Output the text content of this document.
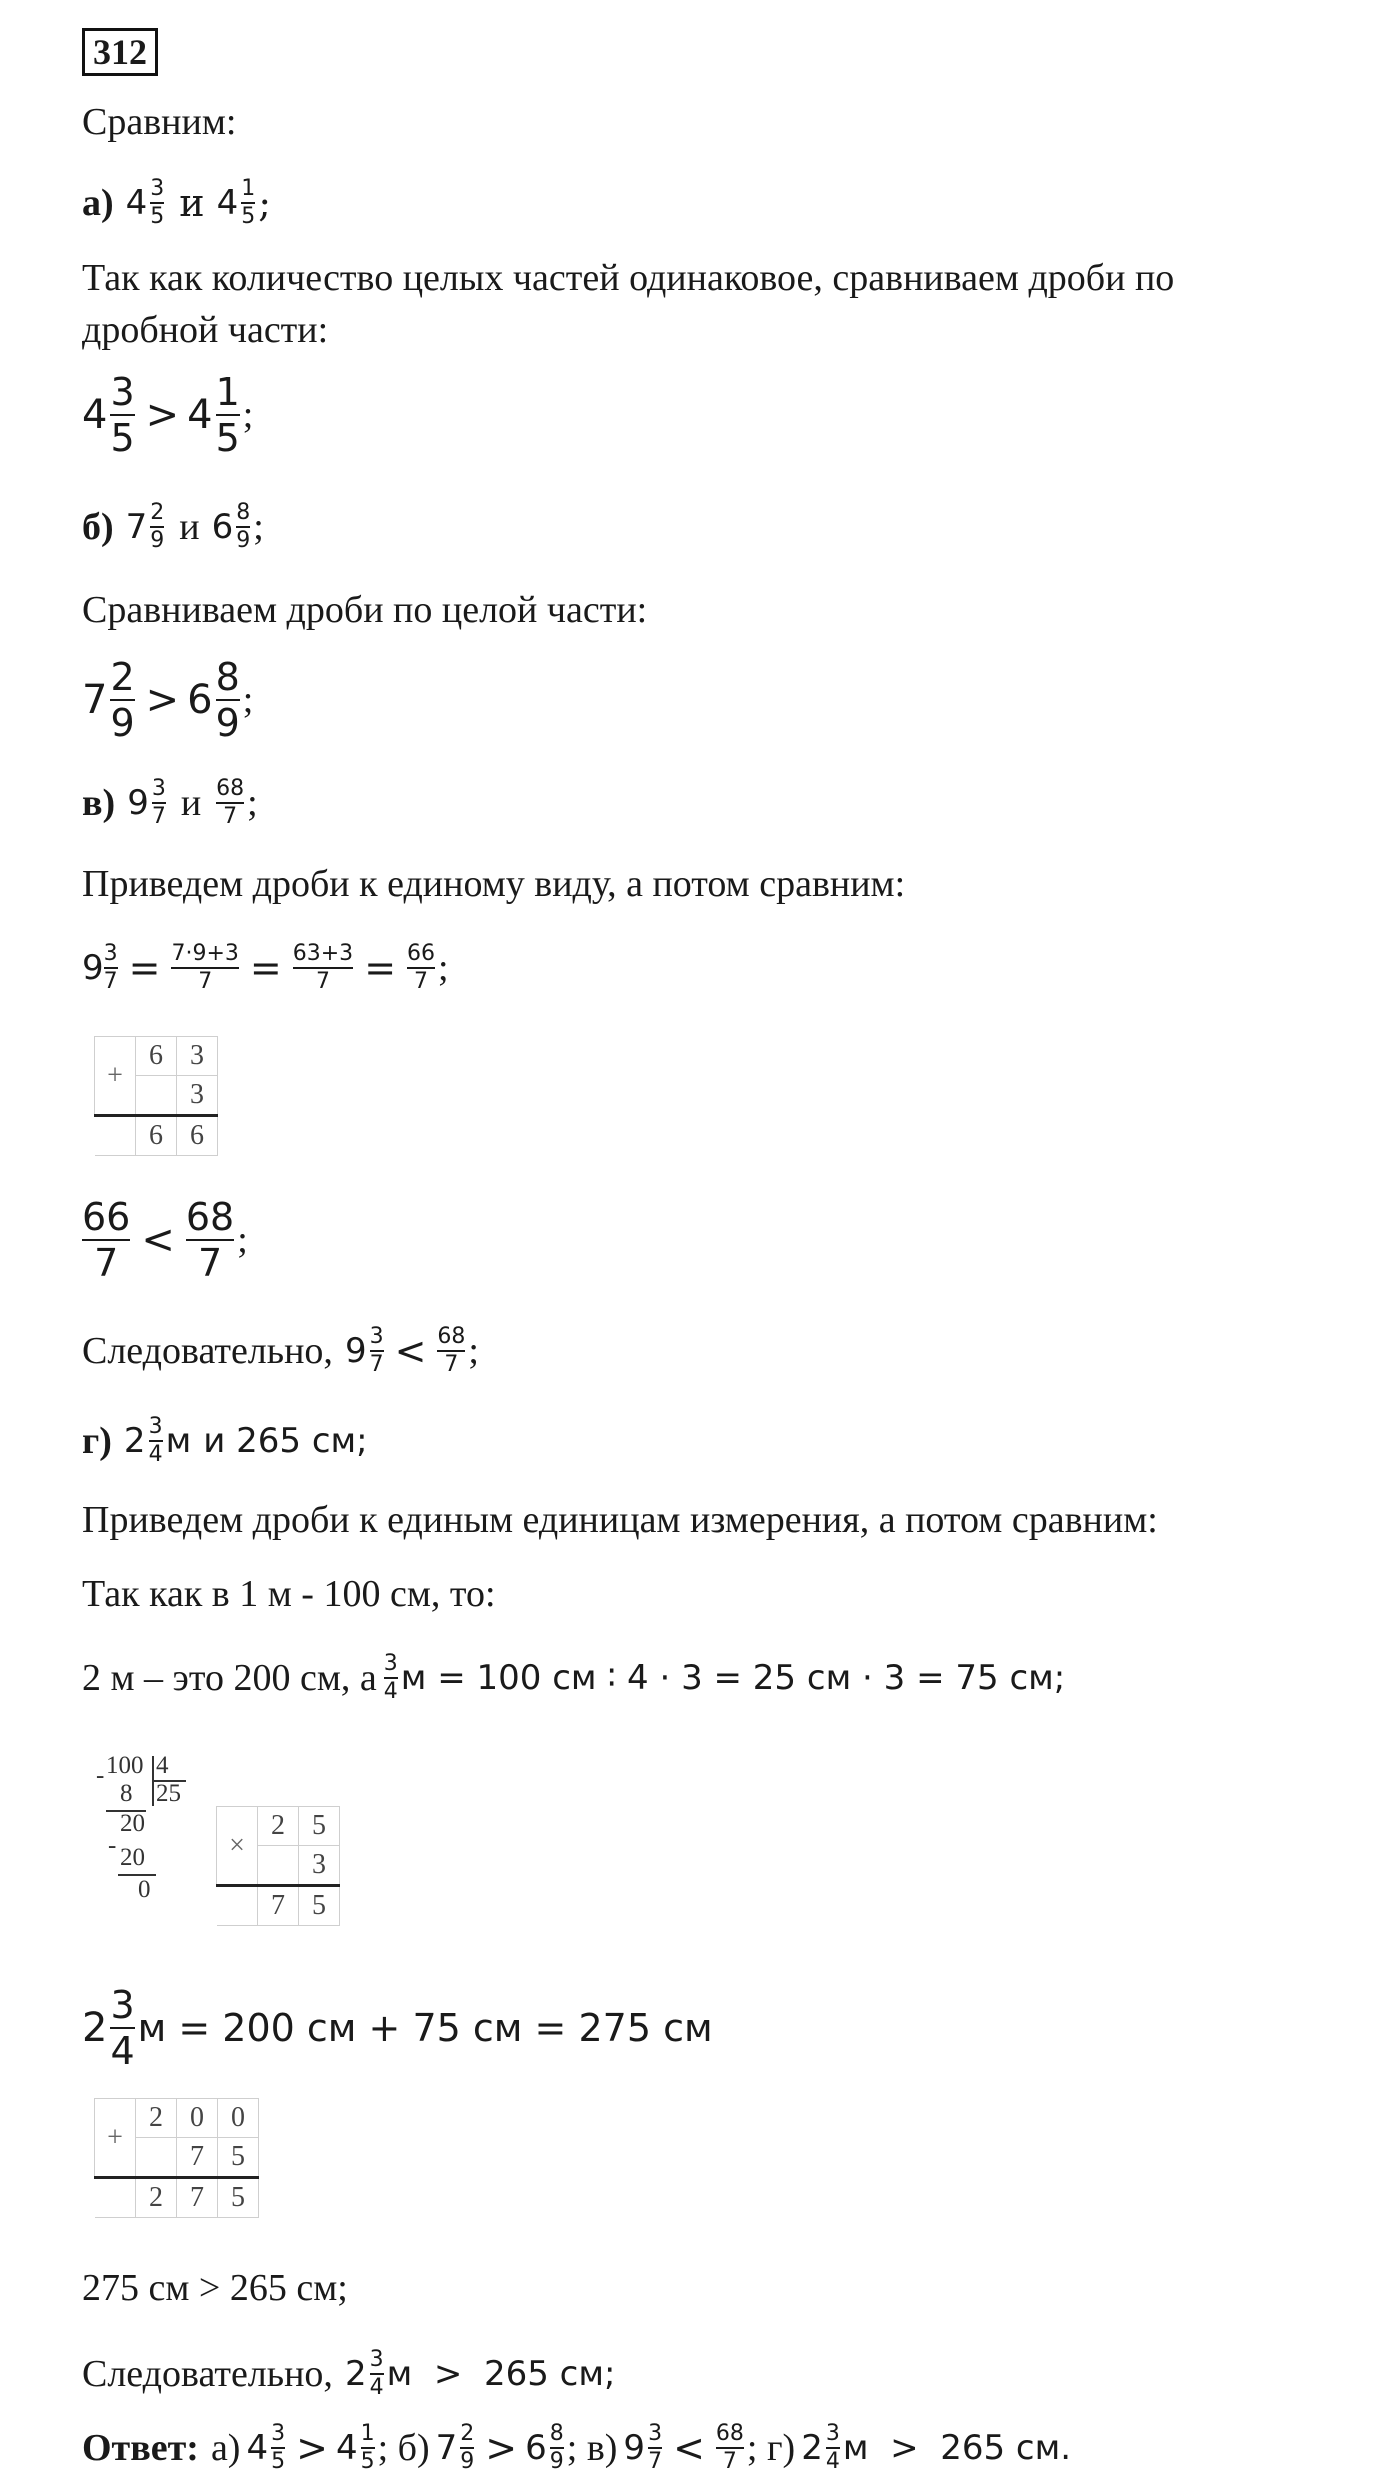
312
Сравним:
а) $4 \frac{3}{5}$ и $4 \frac{1}{5}$ ;
Так как количество целых частей одинаковое, сравниваем дроби по
дробной части:
$4 \frac{3}{5} > 4 \frac{1}{5}$ ;
б) $7 \frac{2}{9}$ и $6 \frac{8}{9}$ ;
Сравниваем дроби по целой части:
$7 \frac{2}{9} > 6 \frac{8}{9}$ ;
в) $9 \frac{3}{7}$ и $\frac{68}{7}$ ;
Приведем дроби к единому виду, а потом сравним:
$9 \frac{3}{7} = \frac{7\cdot 9+3}{7} = \frac{63+3}{7} = \frac{66}{7}$ ;
+	6	3
		3
	6	6
$\frac{66}{7} < \frac{68}{7}$ ;
Следовательно, $9 \frac{3}{7} < \frac{68}{7}$ ;
г) $2 \frac{3}{4}$ м и 265 см;
Приведем дроби к единым единицам измерения, а потом сравним:
Так как в 1 м - 100 см, то:
2 м – это 200 см, а $\frac{3}{4}$ м = 100 см ∶ 4 · 3 = 25 см · 3 = 75 см;
- 100 4
25
8
20
- 20
0
×	2	5
		3
	7	5
$2 \frac{3}{4}$ м = 200 см + 75 см = 275 см
+	2	0	0
		7	5
	2	7	5
275 см > 265 см;
Следовательно, $2 \frac{3}{4}$ м  >  265 см;
Ответ: а) $4 \frac{3}{5} > 4 \frac{1}{5}$ ; б) $7 \frac{2}{9} > 6 \frac{8}{9}$ ; в) $9 \frac{3}{7} < \frac{68}{7}$ ; г) $2 \frac{3}{4}$ м  >  265 см.
